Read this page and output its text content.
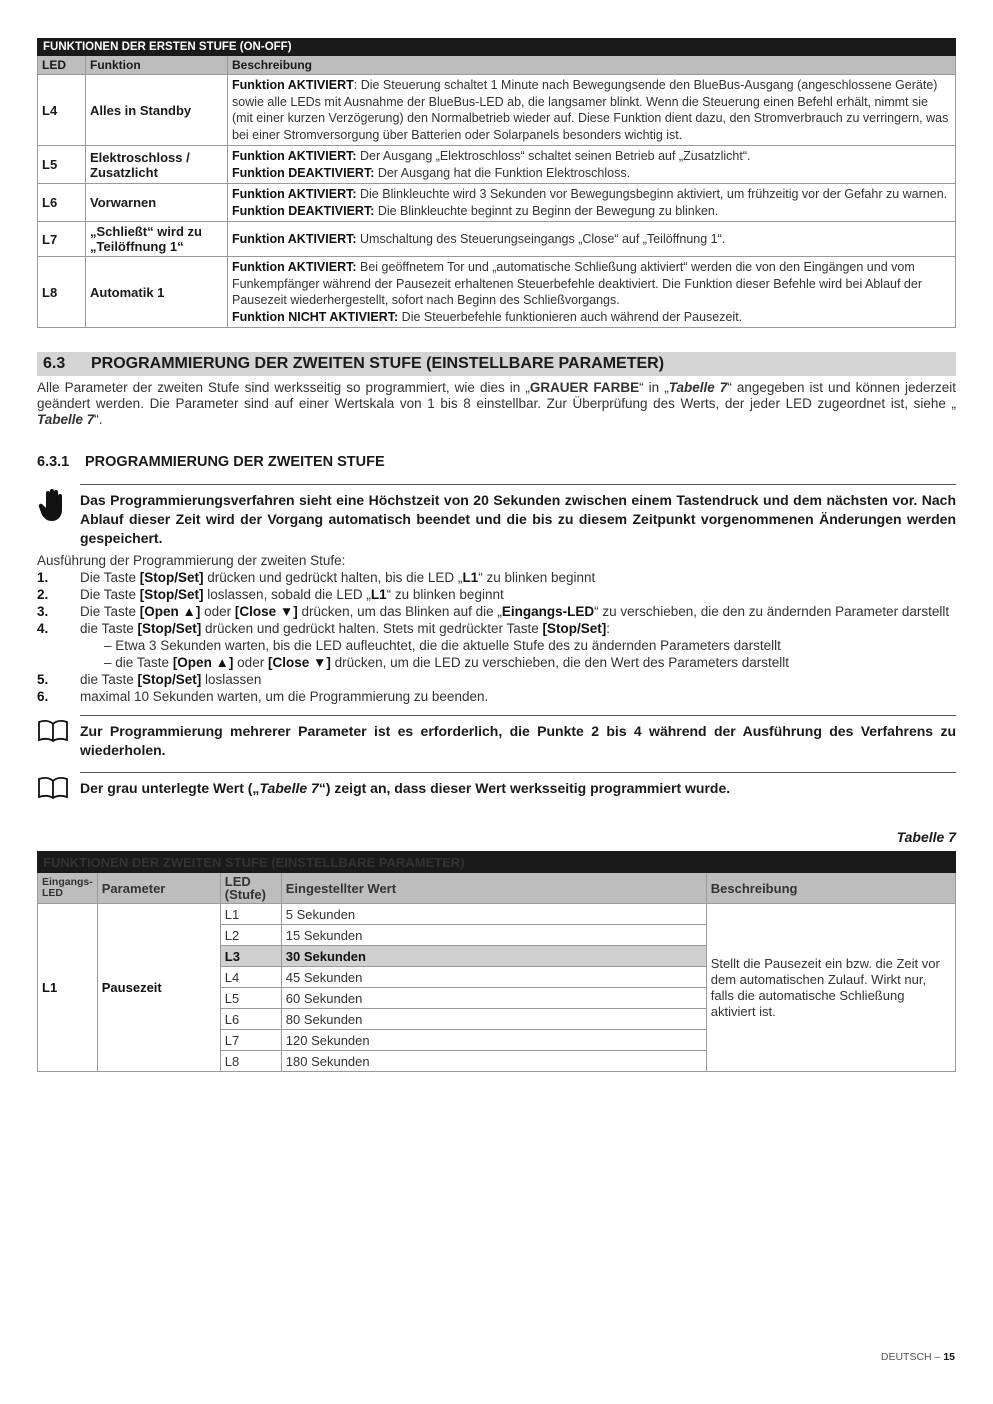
FUNKTIONEN DER ERSTEN STUFE (ON-OFF)		
LED	Funktion	Beschreibung
L4	Alles in Standby	Funktion AKTIVIERT: Die Steuerung schaltet 1 Minute nach Bewegungsende den BlueBus-Ausgang (angeschlossene Geräte) sowie alle LEDs mit Ausnahme der BlueBus-LED ab, die langsamer blinkt. Wenn die Steuerung einen Befehl erhält, nimmt sie (mit einer kurzen Verzögerung) den Normalbetrieb wieder auf. Diese Funktion dient dazu, den Stromverbrauch zu verringern, was bei einer Stromversorgung über Batterien oder Solarpanels besonders wichtig ist.

L5	Elektroschloss / Zusatzlicht	Funktion AKTIVIERT: Der Ausgang „Elektroschloss“ schaltet seinen Betrieb auf „Zusatzlicht“.
Funktion DEAKTIVIERT: Der Ausgang hat die Funktion Elektroschloss.

L6	Vorwarnen	Funktion AKTIVIERT: Die Blinkleuchte wird 3 Sekunden vor Bewegungsbeginn aktiviert, um frühzeitig vor der Gefahr zu warnen.
Funktion DEAKTIVIERT: Die Blinkleuchte beginnt zu Beginn der Bewegung zu blinken.

L7	„Schließt“ wird zu „Teilöffnung 1“	Funktion AKTIVIERT: Umschaltung des Steuerungseingangs „Close“ auf „Teilöffnung 1“.

L8	Automatik 1	Funktion AKTIVIERT: Bei geöffnetem Tor und „automatische Schließung aktiviert“ werden die von den Eingängen und vom Funkempfänger während der Pausezeit erhaltenen Steuerbefehle deaktiviert. Die Funktion dieser Befehle wird bei Ablauf der Pausezeit wiederhergestellt, sofort nach Beginn des Schließvorgangs.
Funktion NICHT AKTIVIERT: Die Steuerbefehle funktionieren auch während der Pausezeit.
6.3	PROGRAMMIERUNG DER ZWEITEN STUFE (EINSTELLBARE PARAMETER)

Alle Parameter der zweiten Stufe sind werksseitig so programmiert, wie dies in „GRAUER FARBE“ in „Tabelle 7“ angegeben ist und können jederzeit geändert werden. Die Parameter sind auf einer Wertskala von 1 bis 8 einstellbar. Zur Überprüfung des Werts, der jeder LED zugeordnet ist, siehe „ Tabelle 7“.

6.3.1	PROGRAMMIERUNG DER ZWEITEN STUFE
Das Programmierungsverfahren sieht eine Höchstzeit von 20 Sekunden zwischen einem Tastendruck und dem nächsten vor. Nach Ablauf dieser Zeit wird der Vorgang automatisch beendet und die bis zu diesem Zeitpunkt vorgenommenen Änderungen werden gespeichert.
Ausführung der Programmierung der zweiten Stufe:
1.	Die Taste [Stop/Set] drücken und gedrückt halten, bis die LED „L1“ zu blinken beginnt
2.	Die Taste [Stop/Set] loslassen, sobald die LED „L1“ zu blinken beginnt
3.	Die Taste [Open ▲] oder [Close ▼] drücken, um das Blinken auf die „Eingangs-LED“ zu verschieben, die den zu ändernden Parameter darstellt
4.	die Taste [Stop/Set] drücken und gedrückt halten. Stets mit gedrückter Taste [Stop/Set]:
– Etwa 3 Sekunden warten, bis die LED aufleuchtet, die die aktuelle Stufe des zu ändernden Parameters darstellt
– die Taste [Open ▲] oder [Close ▼] drücken, um die LED zu verschieben, die den Wert des Parameters darstellt
5.	die Taste [Stop/Set] loslassen
6.	maximal 10 Sekunden warten, um die Programmierung zu beenden.
Zur Programmierung mehrerer Parameter ist es erforderlich, die Punkte 2 bis 4 während der Ausführung des Verfahrens zu wiederholen.
Der grau unterlegte Wert („Tabelle 7“) zeigt an, dass dieser Wert werksseitig programmiert wurde.
Tabelle 7
FUNKTIONEN DER ZWEITEN STUFE (EINSTELLBARE PARAMETER)				
Eingangs-LED	Parameter	LED (Stufe)	Eingestellter Wert	Beschreibung
L1	Pausezeit	L1	5 Sekunden	Stellt die Pausezeit ein bzw. die Zeit vor dem automatischen Zulauf. Wirkt nur, falls die automatische Schließung aktiviert ist.
		L2	15 Sekunden	
		L3	30 Sekunden	
		L4	45 Sekunden	
		L5	60 Sekunden	
		L6	80 Sekunden	
		L7	120 Sekunden	
		L8	180 Sekunden	
DEUTSCH – 15
